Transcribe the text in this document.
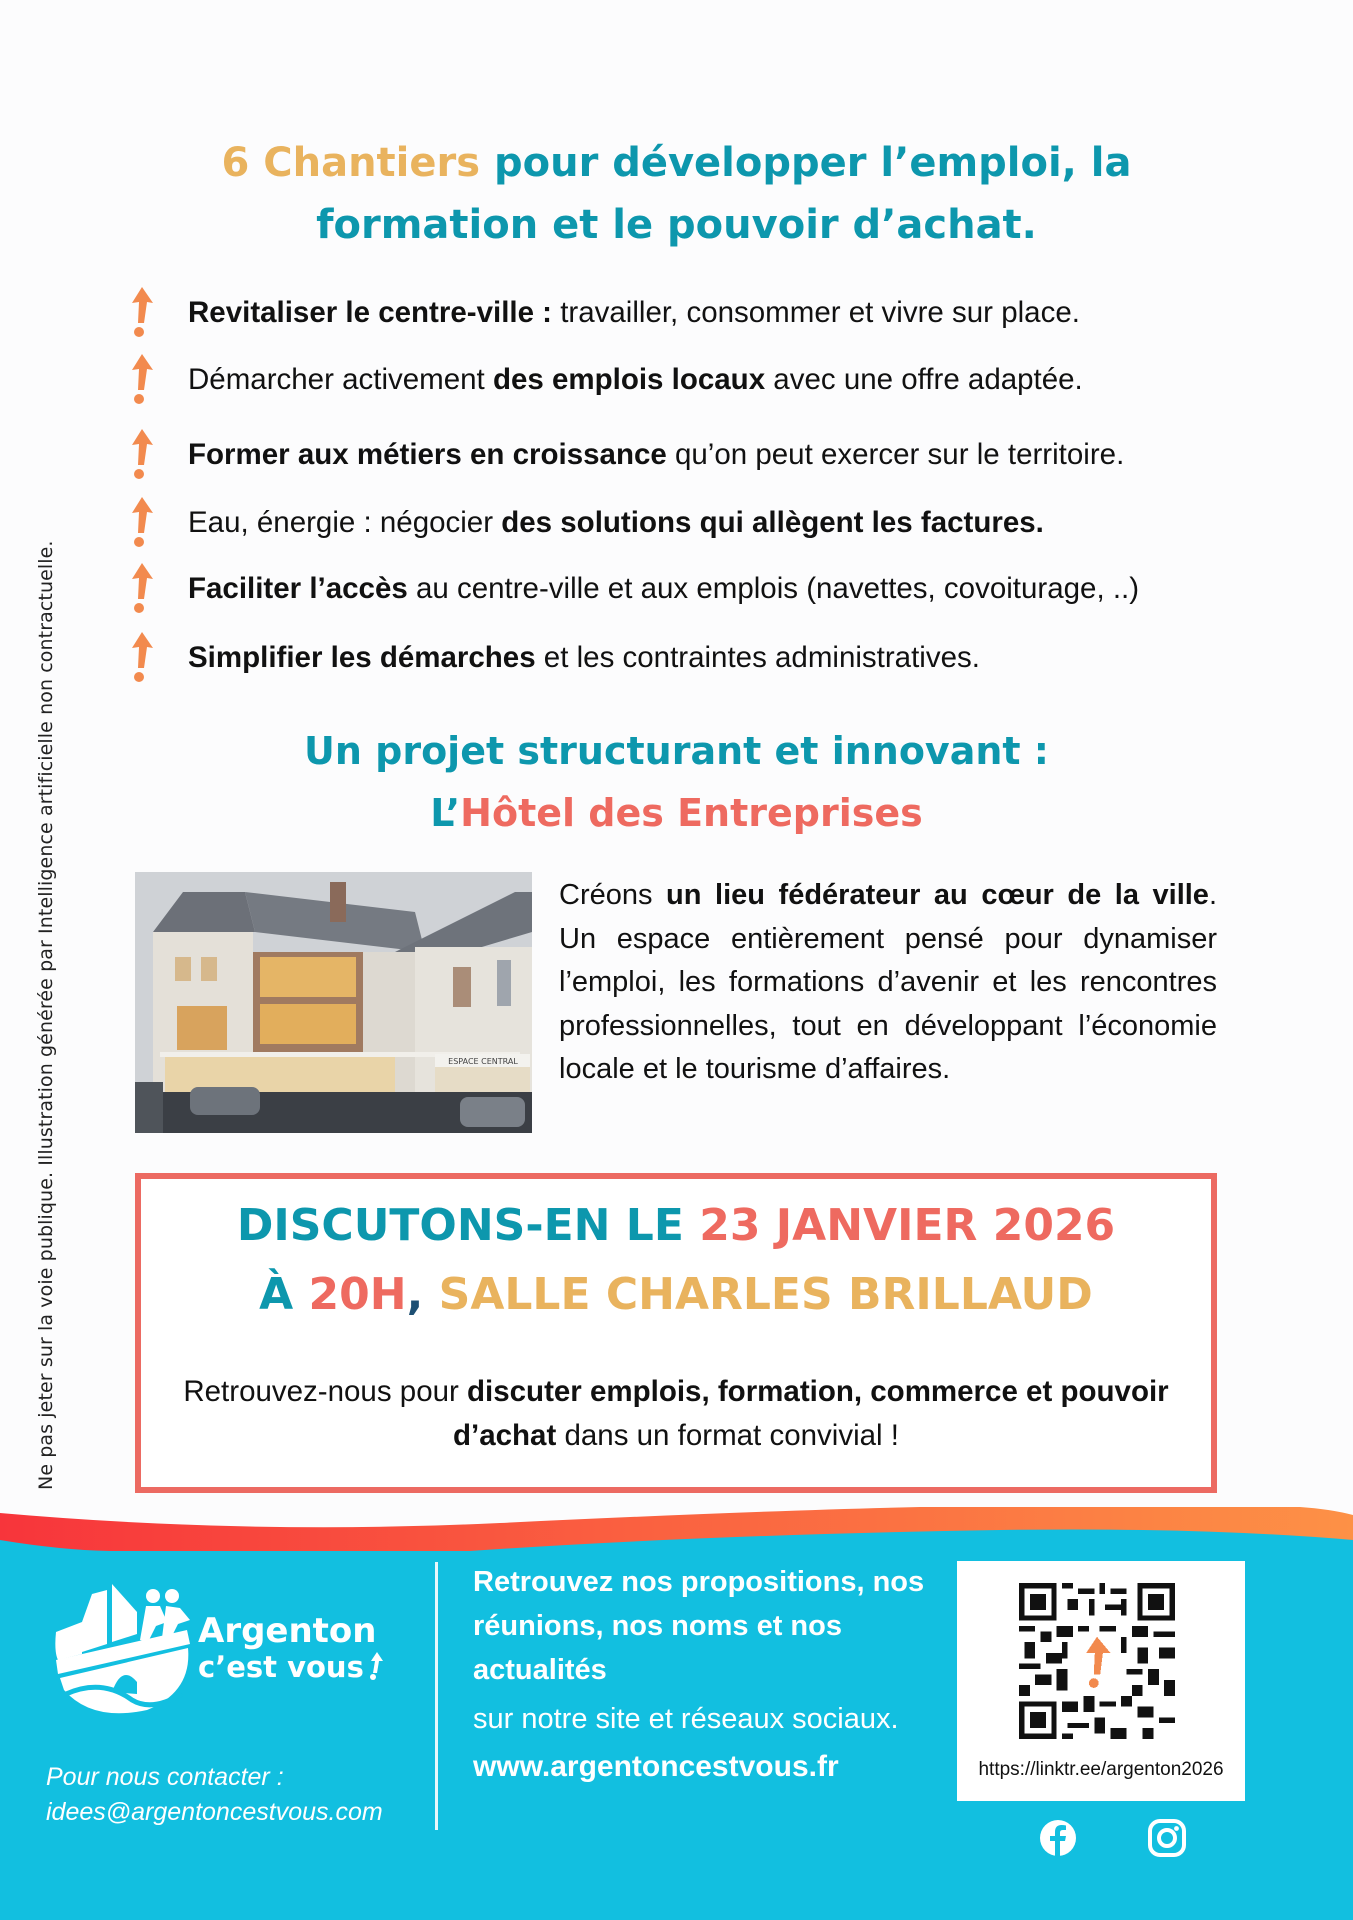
Ne pas jeter sur la voie publique. Illustration générée par Intelligence artificielle non contractuelle.
6 Chantiers pour développer l’emploi, la
formation et le pouvoir d’achat.
Revitaliser le centre-ville : travailler, consommer et vivre sur place.
Démarcher activement des emplois locaux avec une offre adaptée.
Former aux métiers en croissance qu’on peut exercer sur le territoire.
Eau, énergie : négocier des solutions qui allègent les factures.
Faciliter l’accès au centre-ville et aux emplois (navettes, covoiturage, ..)
Simplifier les démarches et les contraintes administratives.
Un projet structurant et innovant :
L’Hôtel des Entreprises
ESPACE CENTRAL

Créons un lieu fédérateur au cœur de la ville. Un espace entièrement pensé pour dynamiser l’emploi, les formations d’avenir et les rencontres professionnelles, tout en développant l’économie locale et le tourisme d’affaires.

DISCUTONS-EN LE 23 JANVIER 2026
À 20H, SALLE CHARLES BRILLAUD

Retrouvez-nous pour discuter emplois, formation, commerce et pouvoir d’achat dans un format convivial !

Argenton
c’est vous
Pour nous contacter :
idees@argentoncestvous.com
Retrouvez nos propositions, nos réunions, nos noms et nos actualités
sur notre site et réseaux sociaux.
www.argentoncestvous.fr	https://linktr.ee/argenton2026
